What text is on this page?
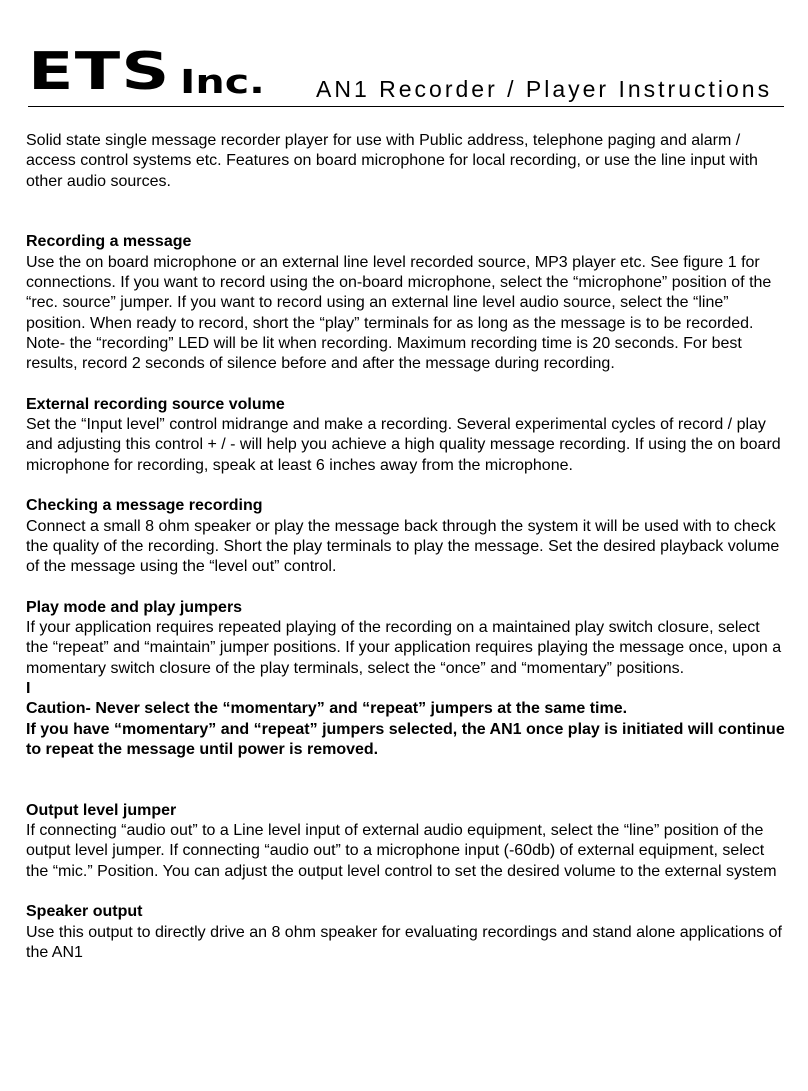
ETS Inc. AN1 Recorder / Player Instructions

Solid state single message recorder player for use with Public address, telephone paging and alarm / access control systems etc. Features on board microphone for local recording, or use the line input with other audio sources.

Recording a message

Use the on board microphone or an external line level recorded source, MP3 player etc. See figure 1 for connections. If you want to record using the on-board microphone, select the “microphone” position of the “rec. source” jumper. If you want to record using an external line level audio source, select the “line” position. When ready to record, short the “play” terminals for as long as the message is to be recorded. Note- the “recording” LED will be lit when recording. Maximum recording time is 20 seconds. For best results, record 2 seconds of silence before and after the message during recording.

External recording source volume

Set the “Input level” control midrange and make a recording. Several experimental cycles of record / play and adjusting this control + / - will help you achieve a high quality message recording. If using the on board microphone for recording, speak at least 6 inches away from the microphone.

Checking a message recording

Connect a small 8 ohm speaker or play the message back through the system it will be used with to check the quality of the recording. Short the play terminals to play the message. Set the desired playback volume of the message using the “level out” control.

Play mode and play jumpers

If your application requires repeated playing of the recording on a maintained play switch closure, select the “repeat” and “maintain” jumper positions. If your application requires playing the message once, upon a momentary switch closure of the play terminals, select the “once” and “momentary” positions.

I

Caution- Never select the “momentary” and “repeat” jumpers at the same time.

If you have “momentary” and “repeat” jumpers selected, the AN1 once play is initiated will continue to repeat the message until power is removed.

Output level jumper

If connecting “audio out” to a Line level input of external audio equipment, select the “line” position of the output level jumper. If connecting “audio out” to a microphone input (-60db) of external equipment, select the “mic.” Position. You can adjust the output level control to set the desired volume to the external system

Speaker output

Use this output to directly drive an 8 ohm speaker for evaluating recordings and stand alone applications of the AN1
